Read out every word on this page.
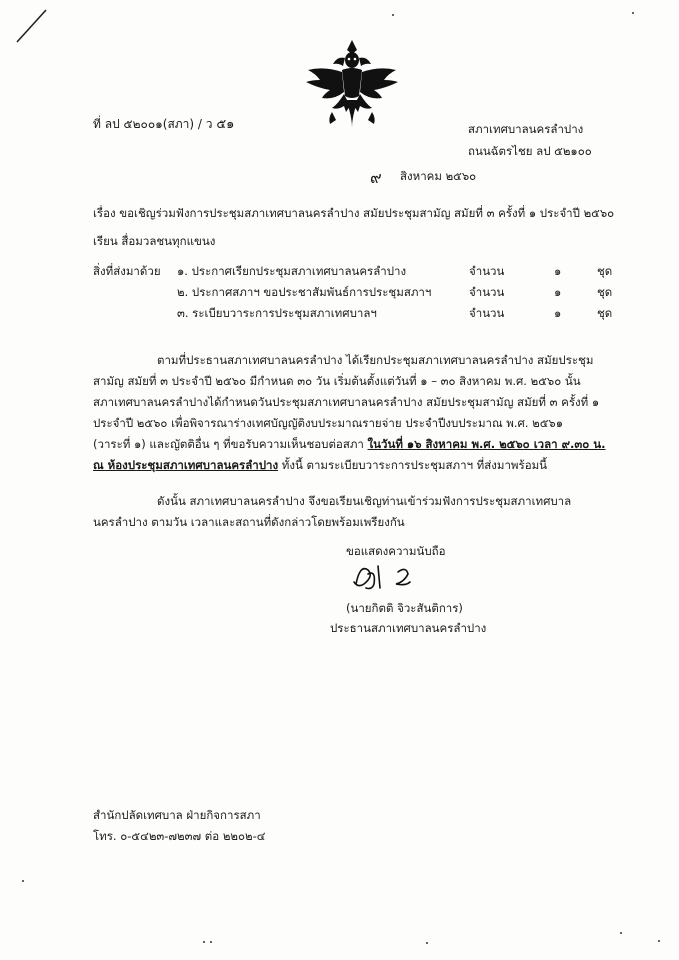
ที่ ลป ๕๒๐๐๑(สภา) / ว ๕๑	สภาเทศบาลนครลำปาง
ถนนฉัตรไชย ลป ๕๒๑๐๐
๙ สิงหาคม ๒๕๖๐
เรื่อง ขอเชิญร่วมฟังการประชุมสภาเทศบาลนครลำปาง สมัยประชุมสามัญ สมัยที่ ๓ ครั้งที่ ๑ ประจำปี ๒๕๖๐
เรียน สื่อมวลชนทุกแขนง
สิ่งที่ส่งมาด้วย ๑. ประกาศเรียกประชุมสภาเทศบาลนครลำปาง	จำนวน	๑	ชุด
๒. ประกาศสภาฯ ขอประชาสัมพันธ์การประชุมสภาฯ	จำนวน	๑	ชุด
๓. ระเบียบวาระการประชุมสภาเทศบาลฯ	จำนวน	๑	ชุด
ตามที่ประธานสภาเทศบาลนครลำปาง ได้เรียกประชุมสภาเทศบาลนครลำปาง สมัยประชุม
สามัญ สมัยที่ ๓ ประจำปี ๒๕๖๐ มีกำหนด ๓๐ วัน เริ่มต้นตั้งแต่วันที่ ๑ – ๓๐ สิงหาคม พ.ศ. ๒๕๖๐ นั้น
สภาเทศบาลนครลำปางได้กำหนดวันประชุมสภาเทศบาลนครลำปาง สมัยประชุมสามัญ สมัยที่ ๓ ครั้งที่ ๑
ประจำปี ๒๕๖๐ เพื่อพิจารณาร่างเทศบัญญัติงบประมาณรายจ่าย ประจำปีงบประมาณ พ.ศ. ๒๕๖๑
(วาระที่ ๑) และญัตติอื่น ๆ ที่ขอรับความเห็นชอบต่อสภา ในวันที่ ๑๖ สิงหาคม พ.ศ. ๒๕๖๐ เวลา ๙.๓๐ น.
ณ ห้องประชุมสภาเทศบาลนครลำปาง ทั้งนี้ ตามระเบียบวาระการประชุมสภาฯ ที่ส่งมาพร้อมนี้
ดังนั้น สภาเทศบาลนครลำปาง จึงขอเรียนเชิญท่านเข้าร่วมฟังการประชุมสภาเทศบาล
นครลำปาง ตามวัน เวลาและสถานที่ดังกล่าวโดยพร้อมเพรียงกัน
ขอแสดงความนับถือ
(นายกิตติ จิวะสันติการ)
ประธานสภาเทศบาลนครลำปาง
สำนักปลัดเทศบาล ฝ่ายกิจการสภา
โทร. ๐-๕๔๒๓-๗๒๓๗ ต่อ ๒๒๐๒-๔
